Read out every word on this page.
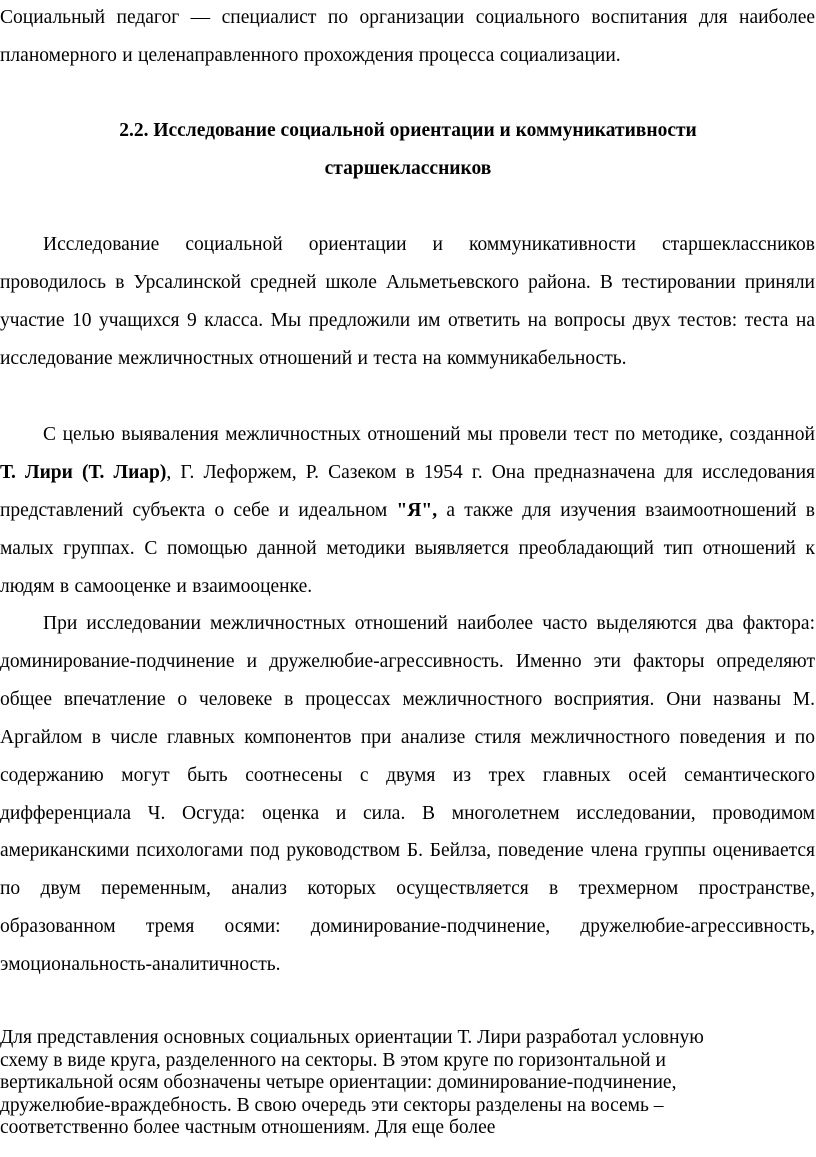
Социальный педагог — специалист по организации социального воспитания для наиболее планомерного и целенаправленного прохождения процесса социализации.

2.2. Исследование социальной ориентации и коммуникативности

старшеклассников

Исследование социальной ориентации и коммуникативности старшеклассников проводилось в Урсалинской средней школе Альметьевского района. В тестировании приняли участие 10 учащихся 9 класса. Мы предложили им ответить на вопросы двух тестов: теста на исследование межличностных отношений и теста на коммуникабельность.

С целью выяваления межличностных отношений мы провели тест по методике, созданной Т. Лири (Т. Лиар), Г. Лефоржем, Р. Сазеком в 1954 г. Она предназначена для исследования представлений субъекта о себе и идеальном "Я", а также для изучения взаимоотношений в малых группах. С помощью данной методики выявляется преобладающий тип отношений к людям в самооценке и взаимооценке.

При исследовании межличностных отношений наиболее часто выделяются два фактора: доминирование-подчинение и дружелюбие-агрессивность. Именно эти факторы определяют общее впечатление о человеке в процессах межличностного восприятия. Они названы М. Аргайлом в числе главных компонентов при анализе стиля межличностного поведения и по содержанию могут быть соотнесены с двумя из трех главных осей семантического дифференциала Ч. Осгуда: оценка и сила. В многолетнем исследовании, проводимом американскими психологами под руководством Б. Бейлза, поведение члена группы оценивается по двум переменным, анализ которых осуществляется в трехмерном пространстве, образованном тремя осями: доминирование-подчинение, дружелюбие-агрессивность, эмоциональность-аналитичность.

Для представления основных социальных ориентации Т. Лири разработал условную

схему в виде круга, разделенного на секторы. В этом круге по горизонтальной и

вертикальной осям обозначены четыре ориентации: доминирование-подчинение,

дружелюбие-враждебность. В свою очередь эти секторы разделены на восемь –

соответственно более частным отношениям. Для еще более
